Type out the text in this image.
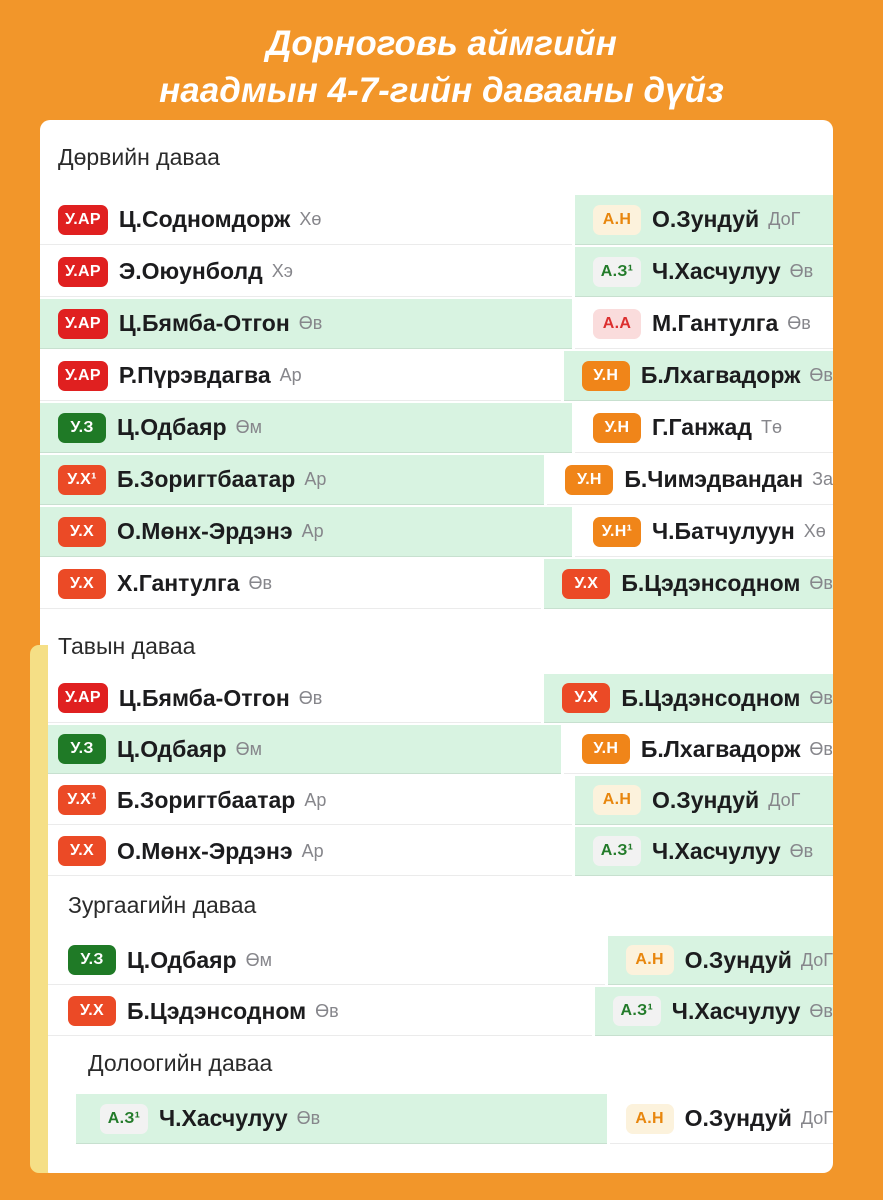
Дорноговь аймгийн
наадмын 4-7-гийн давааны дүйз
Дөрвийн даваа
У.АР Ц.Содномдорж Хө	А.Н О.Зундуй ДоГ
У.АР Э.Оюунболд Хэ	А.З¹ Ч.Хасчулуу Өв
У.АР Ц.Бямба-Отгон Өв	А.А М.Гантулга Өв
У.АР Р.Пүрэвдагва Ар	У.Н Б.Лхагвадорж Өв
У.З	Ц.Одбаяр Өм	У.Н Г.Ганжад Тө
У.Х¹ Б.Зоригтбаатар Ар	У.Н Б.Чимэдвандан За
У.Х	О.Мөнх-Эрдэнэ Ар	У.Н¹ Ч.Батчулуун Хө
У.Х	Х.Гантулга Өв	У.Х	Б.Цэдэнсодном Өв
Тавын даваа
У.АР Ц.Бямба-Отгон Өв	У.Х	Б.Цэдэнсодном Өв
У.З	Ц.Одбаяр Өм	У.Н Б.Лхагвадорж Өв
У.Х¹ Б.Зоригтбаатар Ар	А.Н О.Зундуй ДоГ
У.Х	О.Мөнх-Эрдэнэ Ар	А.З¹ Ч.Хасчулуу Өв
Зургаагийн даваа
У.З	Ц.Одбаяр Өм	А.Н О.Зундуй ДоГ
У.Х	Б.Цэдэнсодном Өв	А.З¹ Ч.Хасчулуу Өв
Долоогийн даваа
А.З¹ Ч.Хасчулуу Өв	А.Н О.Зундуй ДоГ
